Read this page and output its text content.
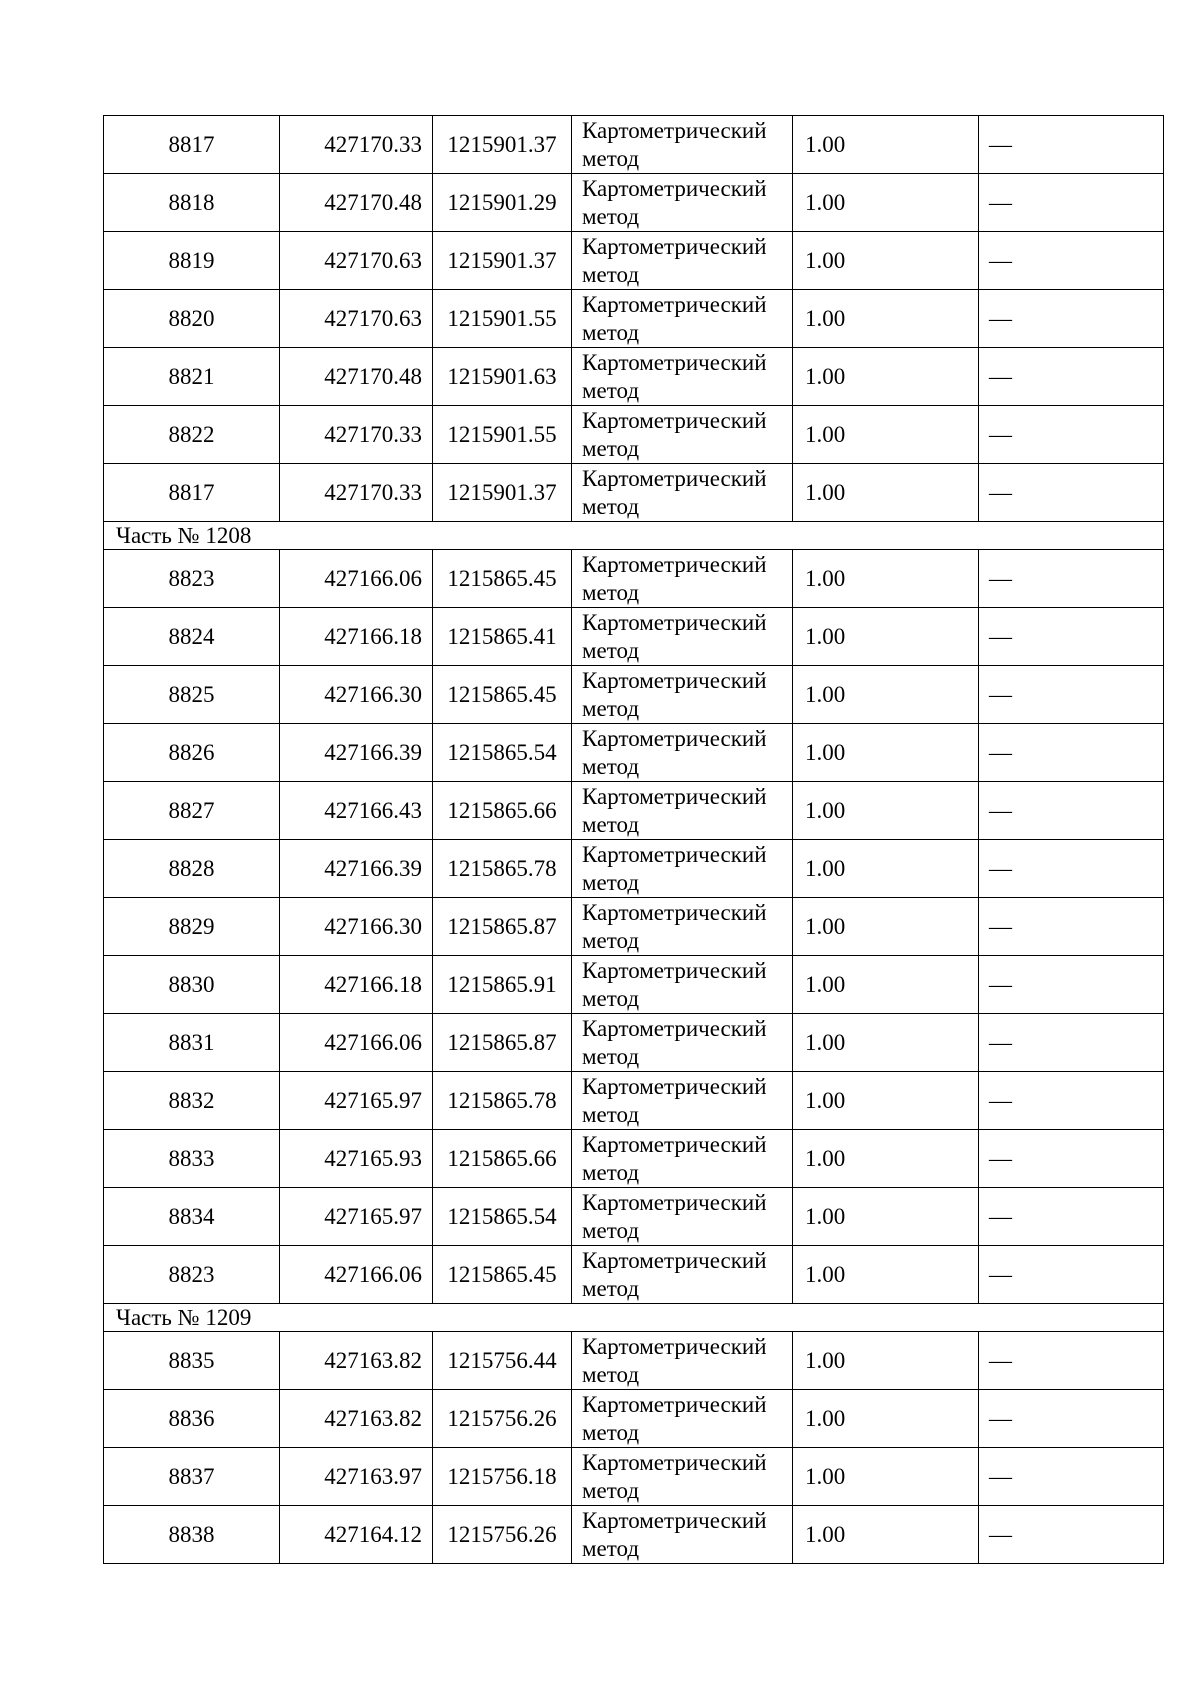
8817	427170.33	1215901.37	Картометрический метод	1.00	—
8818	427170.48	1215901.29	Картометрический метод	1.00	—
8819	427170.63	1215901.37	Картометрический метод	1.00	—
8820	427170.63	1215901.55	Картометрический метод	1.00	—
8821	427170.48	1215901.63	Картометрический метод	1.00	—
8822	427170.33	1215901.55	Картометрический метод	1.00	—
8817	427170.33	1215901.37	Картометрический метод	1.00	—
Часть № 1208					
8823	427166.06	1215865.45	Картометрический метод	1.00	—
8824	427166.18	1215865.41	Картометрический метод	1.00	—
8825	427166.30	1215865.45	Картометрический метод	1.00	—
8826	427166.39	1215865.54	Картометрический метод	1.00	—
8827	427166.43	1215865.66	Картометрический метод	1.00	—
8828	427166.39	1215865.78	Картометрический метод	1.00	—
8829	427166.30	1215865.87	Картометрический метод	1.00	—
8830	427166.18	1215865.91	Картометрический метод	1.00	—
8831	427166.06	1215865.87	Картометрический метод	1.00	—
8832	427165.97	1215865.78	Картометрический метод	1.00	—
8833	427165.93	1215865.66	Картометрический метод	1.00	—
8834	427165.97	1215865.54	Картометрический метод	1.00	—
8823	427166.06	1215865.45	Картометрический метод	1.00	—
Часть № 1209					
8835	427163.82	1215756.44	Картометрический метод	1.00	—
8836	427163.82	1215756.26	Картометрический метод	1.00	—
8837	427163.97	1215756.18	Картометрический метод	1.00	—
8838	427164.12	1215756.26	Картометрический метод	1.00	—
